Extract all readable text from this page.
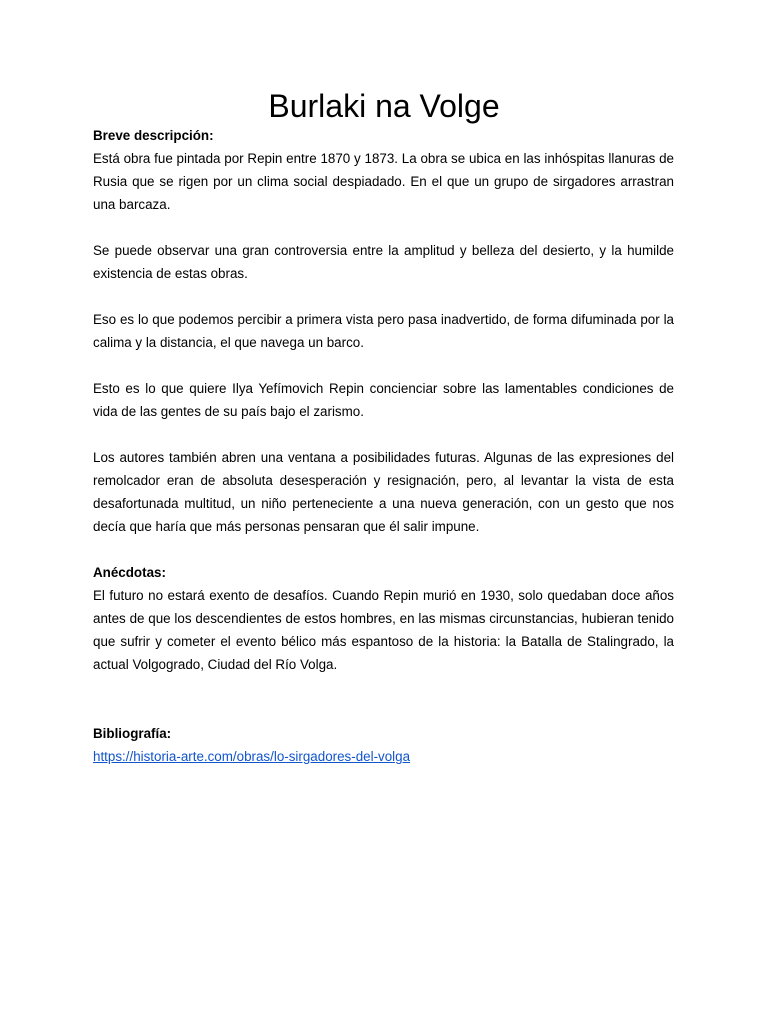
Burlaki na Volge

Breve descripción:

Está obra fue pintada por Repin entre 1870 y 1873. La obra se ubica en las inhóspitas llanuras de Rusia que se rigen por un clima social despiadado. En el que un grupo de sirgadores arrastran una barcaza.

Se puede observar una gran controversia entre la amplitud y belleza del desierto, y la humilde existencia de estas obras.

Eso es lo que podemos percibir a primera vista pero pasa inadvertido, de forma difuminada por la calima y la distancia, el que navega un barco.

Esto es lo que quiere Ilya Yefímovich Repin concienciar sobre las lamentables condiciones de vida de las gentes de su país bajo el zarismo.

Los autores también abren una ventana a posibilidades futuras. Algunas de las expresiones del remolcador eran de absoluta desesperación y resignación, pero, al levantar la vista de esta desafortunada multitud, un niño perteneciente a una nueva generación, con un gesto que nos decía que haría que más personas pensaran que él salir impune.

Anécdotas:

El futuro no estará exento de desafíos. Cuando Repin murió en 1930, solo quedaban doce años antes de que los descendientes de estos hombres, en las mismas circunstancias, hubieran tenido que sufrir y cometer el evento bélico más espantoso de la historia: la Batalla de Stalingrado, la actual Volgogrado, Ciudad del Río Volga.

Bibliografía:

https://historia-arte.com/obras/lo-sirgadores-del-volga
